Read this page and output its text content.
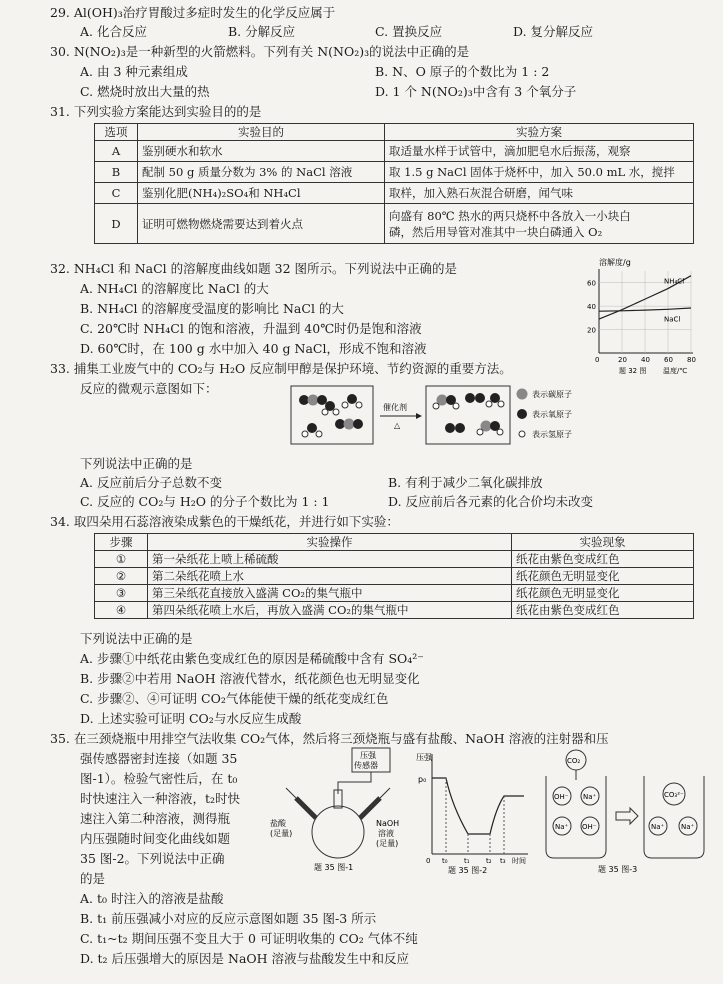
29. Al(OH)₃治疗胃酸过多症时发生的化学反应属于
A. 化合反应	B. 分解反应	C. 置换反应	D. 复分解反应
30. N(NO₂)₃是一种新型的火箭燃料。下列有关 N(NO₂)₃的说法中正确的是
A. 由 3 种元素组成	B. N、O 原子的个数比为 1 : 2
C. 燃烧时放出大量的热	D. 1 个 N(NO₂)₃中含有 3 个氧分子
31. 下列实验方案能达到实验目的的是
选项	实验目的	实验方案
A	鉴别硬水和软水	取适量水样于试管中，滴加肥皂水后振荡，观察
B	配制 50 g 质量分数为 3% 的 NaCl 溶液	取 1.5 g NaCl 固体于烧杯中，加入 50.0 mL 水，搅拌
C	鉴别化肥(NH₄)₂SO₄和 NH₄Cl	取样，加入熟石灰混合研磨，闻气味
D	证明可燃物燃烧需要达到着火点	向盛有 80℃ 热水的两只烧杯中各放入一小块白
磷，然后用导管对准其中一块白磷通入 O₂
32. NH₄Cl 和 NaCl 的溶解度曲线如题 32 图所示。下列说法中正确的是
A. NH₄Cl 的溶解度比 NaCl 的大
B. NH₄Cl 的溶解度受温度的影响比 NaCl 的大
C. 20℃时 NH₄Cl 的饱和溶液，升温到 40℃时仍是饱和溶液
D. 60℃时，在 100 g 水中加入 40 g NaCl，形成不饱和溶液
溶解度/g
0	20 40 60 80
20
40
60	NH₄Cl
NaCl
温度/℃
题 32 图
33. 捕集工业废气中的 CO₂与 H₂O 反应制甲醇是保护环境、节约资源的重要方法。
反应的微观示意图如下：
催化剂
△
表示碳原子
表示氧原子
表示氢原子
下列说法中正确的是
A. 反应前后分子总数不变	B. 有利于减少二氧化碳排放
C. 反应的 CO₂与 H₂O 的分子个数比为 1 : 1	D. 反应前后各元素的化合价均未改变
34. 取四朵用石蕊溶液染成紫色的干燥纸花，并进行如下实验：
步骤	实验操作	实验现象
①	第一朵纸花上喷上稀硫酸	纸花由紫色变成红色
②	第二朵纸花喷上水	纸花颜色无明显变化
③	第三朵纸花直接放入盛满 CO₂的集气瓶中	纸花颜色无明显变化
④	第四朵纸花喷上水后，再放入盛满 CO₂的集气瓶中	纸花由紫色变成红色
下列说法中正确的是
A. 步骤①中纸花由紫色变成红色的原因是稀硫酸中含有 SO₄²⁻
B. 步骤②中若用 NaOH 溶液代替水，纸花颜色也无明显变化
C. 步骤②、④可证明 CO₂气体能使干燥的纸花变成红色
D. 上述实验可证明 CO₂与水反应生成酸
35. 在三颈烧瓶中用排空气法收集 CO₂气体，然后将三颈烧瓶与盛有盐酸、NaOH 溶液的注射器和压
强传感器密封连接（如题 35
图-1）。检验气密性后，在 t₀
时快速注入一种溶液，t₂时快
速注入第二种溶液，测得瓶
内压强随时间变化曲线如题
35 图-2。下列说法中正确
的是
压强
传感器
盐酸
(足量)
NaOH
溶液
(足量)
题 35 图-1
压强
p₀
0 t₀ t₁ t₂ t₃ 时间
题 35 图-2
CO₂
OH⁻ Na⁺
Na⁺ OH⁻
CO₃²⁻
Na⁺ Na⁺
题 35 图-3
A. t₀ 时注入的溶液是盐酸
B. t₁ 前压强减小对应的反应示意图如题 35 图-3 所示
C. t₁~t₂ 期间压强不变且大于 0 可证明收集的 CO₂ 气体不纯
D. t₂ 后压强增大的原因是 NaOH 溶液与盐酸发生中和反应
